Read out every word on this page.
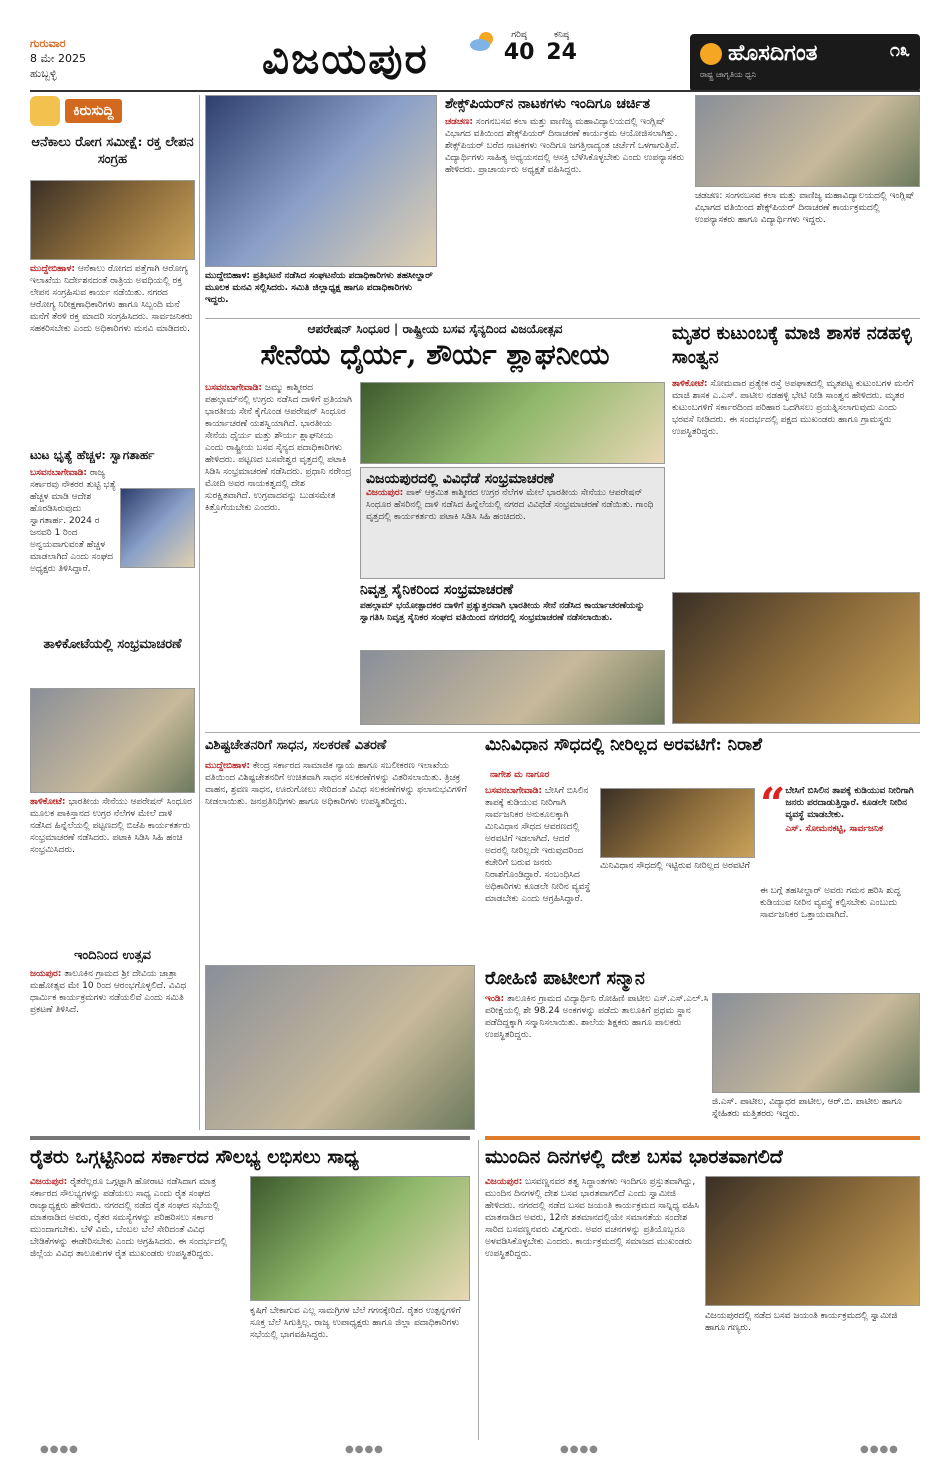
ಗುರುವಾರ
8 ಮೇ 2025
ಹುಬ್ಬಳ್ಳಿ	ವಿಜಯಪುರ
	ಗರಿಷ್ಠ
40
ಕನಿಷ್ಠ
24	ಹೊಸದಿಗಂತ	೧೩
ರಾಷ್ಟ್ರ ಜಾಗೃತಿಯ ಧ್ವನಿ
ಕಿರುಸುದ್ದಿ
ಆನೆಕಾಲು ರೋಗ ಸಮೀಕ್ಷೆ: ರಕ್ತ ಲೇಪನ ಸಂಗ್ರಹ
ಮುದ್ದೇಬಿಹಾಳ: ಆನೆಕಾಲು ರೋಗದ ಪತ್ತೆಗಾಗಿ ಆರೋಗ್ಯ ಇಲಾಖೆಯ ನಿರ್ದೇಶನದಂತೆ ರಾತ್ರಿಯ ಅವಧಿಯಲ್ಲಿ ರಕ್ತ ಲೇಪನ ಸಂಗ್ರಹಿಸುವ ಕಾರ್ಯ ನಡೆಯಿತು. ನಗರದ ಆರೋಗ್ಯ ನಿರೀಕ್ಷಣಾಧಿಕಾರಿಗಳು ಹಾಗೂ ಸಿಬ್ಬಂದಿ ಮನೆ ಮನೆಗೆ ತೆರಳಿ ರಕ್ತ ಮಾದರಿ ಸಂಗ್ರಹಿಸಿದರು. ಸಾರ್ವಜನಿಕರು ಸಹಕರಿಸಬೇಕು ಎಂದು ಅಧಿಕಾರಿಗಳು ಮನವಿ ಮಾಡಿದರು.
ಟುಟ ಭೃತ್ಯೆ ಹೆಚ್ಚಳ: ಸ್ವಾಗತಾರ್ಹ
ಬಸವನಬಾಗೇವಾಡಿ: ರಾಜ್ಯ ಸರ್ಕಾರವು ನೌಕರರ ತುಟ್ಟಿ ಭತ್ಯೆ ಹೆಚ್ಚಳ ಮಾಡಿ ಆದೇಶ ಹೊರಡಿಸಿರುವುದು ಸ್ವಾಗತಾರ್ಹ. 2024 ರ ಜನವರಿ 1 ರಿಂದ ಅನ್ವಯವಾಗುವಂತೆ ಹೆಚ್ಚಳ ಮಾಡಲಾಗಿದೆ ಎಂದು ಸಂಘದ ಅಧ್ಯಕ್ಷರು ತಿಳಿಸಿದ್ದಾರೆ.
ತಾಳಿಕೋಟೆಯಲ್ಲಿ ಸಂಭ್ರಮಾಚರಣೆ
ತಾಳಿಕೋಟೆ: ಭಾರತೀಯ ಸೇನೆಯು ಆಪರೇಷನ್ ಸಿಂಧೂರ ಮೂಲಕ ಪಾಕಿಸ್ತಾನದ ಉಗ್ರರ ನೆಲೆಗಳ ಮೇಲೆ ದಾಳಿ ನಡೆಸಿದ ಹಿನ್ನೆಲೆಯಲ್ಲಿ ಪಟ್ಟಣದಲ್ಲಿ ಬಿಜೆಪಿ ಕಾರ್ಯಕರ್ತರು ಸಂಭ್ರಮಾಚರಣೆ ನಡೆಸಿದರು. ಪಟಾಕಿ ಸಿಡಿಸಿ ಸಿಹಿ ಹಂಚಿ ಸಂಭ್ರಮಿಸಿದರು.
ಇಂದಿನಿಂದ ಉತ್ಸವ
ಜಯಪುರ: ತಾಲೂಕಿನ ಗ್ರಾಮದ ಶ್ರೀ ದೇವಿಯ ಜಾತ್ರಾ ಮಹೋತ್ಸವ ಮೇ 10 ರಿಂದ ಆರಂಭಗೊಳ್ಳಲಿದೆ. ವಿವಿಧ ಧಾರ್ಮಿಕ ಕಾರ್ಯಕ್ರಮಗಳು ನಡೆಯಲಿವೆ ಎಂದು ಸಮಿತಿ ಪ್ರಕಟಣೆ ತಿಳಿಸಿದೆ.
ಮುದ್ದೇಬಿಹಾಳ: ಪ್ರತಿಭಟನೆ ನಡೆಸಿದ ಸಂಘಟನೆಯ ಪದಾಧಿಕಾರಿಗಳು ತಹಸೀಲ್ದಾರ್ ಮೂಲಕ ಮನವಿ ಸಲ್ಲಿಸಿದರು. ಸಮಿತಿ ಜಿಲ್ಲಾಧ್ಯಕ್ಷ ಹಾಗೂ ಪದಾಧಿಕಾರಿಗಳು ಇದ್ದರು.
ಶೇಕ್ಸ್‌ಪಿಯರ್‌ನ ನಾಟಕಗಳು ಇಂದಿಗೂ ಚರ್ಚಿತ
ಚಡಚಣ: ಸಂಗನಬಸವ ಕಲಾ ಮತ್ತು ವಾಣಿಜ್ಯ ಮಹಾವಿದ್ಯಾಲಯದಲ್ಲಿ ಇಂಗ್ಲಿಷ್ ವಿಭಾಗದ ವತಿಯಿಂದ ಶೇಕ್ಸ್‌ಪಿಯರ್ ದಿನಾಚರಣೆ ಕಾರ್ಯಕ್ರಮ ಆಯೋಜಿಸಲಾಗಿತ್ತು. ಶೇಕ್ಸ್‌ಪಿಯರ್ ಬರೆದ ನಾಟಕಗಳು ಇಂದಿಗೂ ಜಗತ್ತಿನಾದ್ಯಂತ ಚರ್ಚೆಗೆ ಒಳಗಾಗುತ್ತಿವೆ. ವಿದ್ಯಾರ್ಥಿಗಳು ಸಾಹಿತ್ಯ ಅಧ್ಯಯನದಲ್ಲಿ ಆಸಕ್ತಿ ಬೆಳೆಸಿಕೊಳ್ಳಬೇಕು ಎಂದು ಉಪನ್ಯಾಸಕರು ಹೇಳಿದರು. ಪ್ರಾಚಾರ್ಯರು ಅಧ್ಯಕ್ಷತೆ ವಹಿಸಿದ್ದರು.
ಚಡಚಣ: ಸಂಗನಬಸವ ಕಲಾ ಮತ್ತು ವಾಣಿಜ್ಯ ಮಹಾವಿದ್ಯಾಲಯದಲ್ಲಿ ಇಂಗ್ಲಿಷ್ ವಿಭಾಗದ ವತಿಯಿಂದ ಶೇಕ್ಸ್‌ಪಿಯರ್ ದಿನಾಚರಣೆ ಕಾರ್ಯಕ್ರಮದಲ್ಲಿ ಉಪನ್ಯಾಸಕರು ಹಾಗೂ ವಿದ್ಯಾರ್ಥಿಗಳು ಇದ್ದರು.
ಆಪರೇಷನ್ ಸಿಂಧೂರ | ರಾಷ್ಟ್ರೀಯ ಬಸವ ಸೈನ್ಯದಿಂದ ವಿಜಯೋತ್ಸವ
ಸೇನೆಯ ಧೈರ್ಯ, ಶೌರ್ಯ ಶ್ಲಾಘನೀಯ
ಬಸವನಬಾಗೇವಾಡಿ: ಜಮ್ಮು ಕಾಶ್ಮೀರದ ಪಹಲ್ಗಾಮ್‌ನಲ್ಲಿ ಉಗ್ರರು ನಡೆಸಿದ ದಾಳಿಗೆ ಪ್ರತಿಯಾಗಿ ಭಾರತೀಯ ಸೇನೆ ಕೈಗೊಂಡ ಆಪರೇಷನ್ ಸಿಂಧೂರ ಕಾರ್ಯಾಚರಣೆ ಯಶಸ್ವಿಯಾಗಿದೆ. ಭಾರತೀಯ ಸೇನೆಯ ಧೈರ್ಯ ಮತ್ತು ಶೌರ್ಯ ಶ್ಲಾಘನೀಯ ಎಂದು ರಾಷ್ಟ್ರೀಯ ಬಸವ ಸೈನ್ಯದ ಪದಾಧಿಕಾರಿಗಳು ಹೇಳಿದರು. ಪಟ್ಟಣದ ಬಸವೇಶ್ವರ ವೃತ್ತದಲ್ಲಿ ಪಟಾಕಿ ಸಿಡಿಸಿ ಸಂಭ್ರಮಾಚರಣೆ ನಡೆಸಿದರು. ಪ್ರಧಾನಿ ನರೇಂದ್ರ ಮೋದಿ ಅವರ ನಾಯಕತ್ವದಲ್ಲಿ ದೇಶ ಸುರಕ್ಷಿತವಾಗಿದೆ. ಉಗ್ರವಾದವನ್ನು ಬುಡಸಮೇತ ಕಿತ್ತೊಗೆಯಬೇಕು ಎಂದರು.
ವಿಜಯಪುರದಲ್ಲಿ ವಿವಿಧೆಡೆ ಸಂಭ್ರಮಾಚರಣೆ
ವಿಜಯಪುರ: ಪಾಕ್ ಆಕ್ರಮಿತ ಕಾಶ್ಮೀರದ ಉಗ್ರರ ನೆಲೆಗಳ ಮೇಲೆ ಭಾರತೀಯ ಸೇನೆಯು ಆಪರೇಷನ್ ಸಿಂಧೂರ ಹೆಸರಿನಲ್ಲಿ ದಾಳಿ ನಡೆಸಿದ ಹಿನ್ನೆಲೆಯಲ್ಲಿ ನಗರದ ವಿವಿಧೆಡೆ ಸಂಭ್ರಮಾಚರಣೆ ನಡೆಯಿತು. ಗಾಂಧಿ ವೃತ್ತದಲ್ಲಿ ಕಾರ್ಯಕರ್ತರು ಪಟಾಕಿ ಸಿಡಿಸಿ ಸಿಹಿ ಹಂಚಿದರು.
ನಿವೃತ್ತ ಸೈನಿಕರಿಂದ ಸಂಭ್ರಮಾಚರಣೆ
ಪಹಲ್ಗಾಮ್ ಭಯೋತ್ಪಾದಕರ ದಾಳಿಗೆ ಪ್ರತ್ಯುತ್ತರವಾಗಿ ಭಾರತೀಯ ಸೇನೆ ನಡೆಸಿದ ಕಾರ್ಯಾಚರಣೆಯನ್ನು ಸ್ವಾಗತಿಸಿ ನಿವೃತ್ತ ಸೈನಿಕರ ಸಂಘದ ವತಿಯಿಂದ ನಗರದಲ್ಲಿ ಸಂಭ್ರಮಾಚರಣೆ ನಡೆಸಲಾಯಿತು.
ಮೃತರ ಕುಟುಂಬಕ್ಕೆ ಮಾಜಿ ಶಾಸಕ ನಡಹಳ್ಳಿ ಸಾಂತ್ವನ
ತಾಳಿಕೋಟೆ: ಸೋಮವಾರ ಪ್ರತ್ಯೇಕ ರಸ್ತೆ ಅಪಘಾತದಲ್ಲಿ ಮೃತಪಟ್ಟ ಕುಟುಂಬಗಳ ಮನೆಗೆ ಮಾಜಿ ಶಾಸಕ ಎ.ಎಸ್. ಪಾಟೀಲ ನಡಹಳ್ಳಿ ಭೇಟಿ ನೀಡಿ ಸಾಂತ್ವನ ಹೇಳಿದರು. ಮೃತರ ಕುಟುಂಬಗಳಿಗೆ ಸರ್ಕಾರದಿಂದ ಪರಿಹಾರ ಒದಗಿಸಲು ಪ್ರಯತ್ನಿಸಲಾಗುವುದು ಎಂದು ಭರವಸೆ ನೀಡಿದರು. ಈ ಸಂದರ್ಭದಲ್ಲಿ ಪಕ್ಷದ ಮುಖಂಡರು ಹಾಗೂ ಗ್ರಾಮಸ್ಥರು ಉಪಸ್ಥಿತರಿದ್ದರು.
ವಿಶಿಷ್ಟಚೇತನರಿಗೆ ಸಾಧನ, ಸಲಕರಣೆ ವಿತರಣೆ
ಮುದ್ದೇಬಿಹಾಳ: ಕೇಂದ್ರ ಸರ್ಕಾರದ ಸಾಮಾಜಿಕ ನ್ಯಾಯ ಹಾಗೂ ಸಬಲೀಕರಣ ಇಲಾಖೆಯ ವತಿಯಿಂದ ವಿಶಿಷ್ಟಚೇತನರಿಗೆ ಉಚಿತವಾಗಿ ಸಾಧನ ಸಲಕರಣೆಗಳನ್ನು ವಿತರಿಸಲಾಯಿತು. ತ್ರಿಚಕ್ರ ವಾಹನ, ಶ್ರವಣ ಸಾಧನ, ಊರುಗೋಲು ಸೇರಿದಂತೆ ವಿವಿಧ ಸಲಕರಣೆಗಳನ್ನು ಫಲಾನುಭವಿಗಳಿಗೆ ನೀಡಲಾಯಿತು. ಜನಪ್ರತಿನಿಧಿಗಳು ಹಾಗೂ ಅಧಿಕಾರಿಗಳು ಉಪಸ್ಥಿತರಿದ್ದರು.
ಮಿನಿವಿಧಾನ ಸೌಧದಲ್ಲಿ ನೀರಿಲ್ಲದ ಅರವಟಿಗೆ: ನಿರಾಶೆ
ನಾಗೇಶ ಮ ನಾಗೂರ
ಬಸವನಬಾಗೇವಾಡಿ: ಬೇಸಿಗೆ ಬಿಸಿಲಿನ ತಾಪಕ್ಕೆ ಕುಡಿಯುವ ನೀರಿಗಾಗಿ ಸಾರ್ವಜನಿಕರ ಅನುಕೂಲಕ್ಕಾಗಿ ಮಿನಿವಿಧಾನ ಸೌಧದ ಆವರಣದಲ್ಲಿ ಅರವಟಿಗೆ ಇಡಲಾಗಿದೆ. ಆದರೆ ಅದರಲ್ಲಿ ನೀರಿಲ್ಲದೇ ಇರುವುದರಿಂದ ಕಚೇರಿಗೆ ಬರುವ ಜನರು ನಿರಾಶೆಗೊಂಡಿದ್ದಾರೆ. ಸಂಬಂಧಿಸಿದ ಅಧಿಕಾರಿಗಳು ಕೂಡಲೇ ನೀರಿನ ವ್ಯವಸ್ಥೆ ಮಾಡಬೇಕು ಎಂದು ಆಗ್ರಹಿಸಿದ್ದಾರೆ.
ಮಿನಿವಿಧಾನ ಸೌಧದಲ್ಲಿ ಇಟ್ಟಿರುವ ನೀರಿಲ್ಲದ ಅರವಟಿಗೆ
“ ಬೇಸಿಗೆ ಬಿಸಿಲಿನ ತಾಪಕ್ಕೆ ಕುಡಿಯುವ ನೀರಿಗಾಗಿ ಜನರು ಪರದಾಡುತ್ತಿದ್ದಾರೆ. ಕೂಡಲೇ ನೀರಿನ ವ್ಯವಸ್ಥೆ ಮಾಡಬೇಕು.
ಎಸ್. ಸೋಮನಕಟ್ಟಿ, ಸಾರ್ವಜನಿಕ
ಈ ಬಗ್ಗೆ ತಹಸೀಲ್ದಾರ್ ಅವರು ಗಮನ ಹರಿಸಿ ಶುದ್ಧ ಕುಡಿಯುವ ನೀರಿನ ವ್ಯವಸ್ಥೆ ಕಲ್ಪಿಸಬೇಕು ಎಂಬುದು ಸಾರ್ವಜನಿಕರ ಒತ್ತಾಯವಾಗಿದೆ.
ರೋಹಿಣಿ ಪಾಟೀಲಗೆ ಸನ್ಮಾನ
ಇಂಡಿ: ತಾಲೂಕಿನ ಗ್ರಾಮದ ವಿದ್ಯಾರ್ಥಿನಿ ರೋಹಿಣಿ ಪಾಟೀಲ ಎಸ್.ಎಸ್.ಎಲ್.ಸಿ ಪರೀಕ್ಷೆಯಲ್ಲಿ ಶೇ 98.24 ಅಂಕಗಳನ್ನು ಪಡೆದು ತಾಲೂಕಿಗೆ ಪ್ರಥಮ ಸ್ಥಾನ ಪಡೆದಿದ್ದಕ್ಕಾಗಿ ಸನ್ಮಾನಿಸಲಾಯಿತು. ಶಾಲೆಯ ಶಿಕ್ಷಕರು ಹಾಗೂ ಪಾಲಕರು ಉಪಸ್ಥಿತರಿದ್ದರು.
ಜಿ.ಎಸ್. ಪಾಟೀಲ, ವಿದ್ಯಾಧರ ಪಾಟೀಲ, ಆರ್.ಬಿ. ಪಾಟೀಲ ಹಾಗೂ ಸ್ನೇಹಿತರು ಮತ್ತಿತರರು ಇದ್ದರು.
ರೈತರು ಒಗ್ಗಟ್ಟಿನಿಂದ ಸರ್ಕಾರದ ಸೌಲಭ್ಯ ಲಭಿಸಲು ಸಾಧ್ಯ
ವಿಜಯಪುರ: ರೈತರೆಲ್ಲರೂ ಒಗ್ಗಟ್ಟಾಗಿ ಹೋರಾಟ ನಡೆಸಿದಾಗ ಮಾತ್ರ ಸರ್ಕಾರದ ಸೌಲಭ್ಯಗಳನ್ನು ಪಡೆಯಲು ಸಾಧ್ಯ ಎಂದು ರೈತ ಸಂಘದ ರಾಜ್ಯಾಧ್ಯಕ್ಷರು ಹೇಳಿದರು. ನಗರದಲ್ಲಿ ನಡೆದ ರೈತ ಸಂಘದ ಸಭೆಯಲ್ಲಿ ಮಾತನಾಡಿದ ಅವರು, ರೈತರ ಸಮಸ್ಯೆಗಳನ್ನು ಪರಿಹರಿಸಲು ಸರ್ಕಾರ ಮುಂದಾಗಬೇಕು. ಬೆಳೆ ವಿಮೆ, ಬೆಂಬಲ ಬೆಲೆ ಸೇರಿದಂತೆ ವಿವಿಧ ಬೇಡಿಕೆಗಳನ್ನು ಈಡೇರಿಸಬೇಕು ಎಂದು ಆಗ್ರಹಿಸಿದರು. ಈ ಸಂದರ್ಭದಲ್ಲಿ ಜಿಲ್ಲೆಯ ವಿವಿಧ ತಾಲೂಕುಗಳ ರೈತ ಮುಖಂಡರು ಉಪಸ್ಥಿತರಿದ್ದರು.
ಕೃಷಿಗೆ ಬೇಕಾಗುವ ಎಲ್ಲ ಸಾಮಗ್ರಿಗಳ ಬೆಲೆ ಗಗನಕ್ಕೇರಿದೆ. ರೈತರ ಉತ್ಪನ್ನಗಳಿಗೆ ಸೂಕ್ತ ಬೆಲೆ ಸಿಗುತ್ತಿಲ್ಲ. ರಾಜ್ಯ ಉಪಾಧ್ಯಕ್ಷರು ಹಾಗೂ ಜಿಲ್ಲಾ ಪದಾಧಿಕಾರಿಗಳು ಸಭೆಯಲ್ಲಿ ಭಾಗವಹಿಸಿದ್ದರು.
ಮುಂದಿನ ದಿನಗಳಲ್ಲಿ ದೇಶ ಬಸವ ಭಾರತವಾಗಲಿದೆ
ವಿಜಯಪುರ: ಬಸವಣ್ಣನವರ ತತ್ವ ಸಿದ್ಧಾಂತಗಳು ಇಂದಿಗೂ ಪ್ರಸ್ತುತವಾಗಿದ್ದು, ಮುಂದಿನ ದಿನಗಳಲ್ಲಿ ದೇಶ ಬಸವ ಭಾರತವಾಗಲಿದೆ ಎಂದು ಸ್ವಾಮೀಜಿ ಹೇಳಿದರು. ನಗರದಲ್ಲಿ ನಡೆದ ಬಸವ ಜಯಂತಿ ಕಾರ್ಯಕ್ರಮದ ಸಾನ್ನಿಧ್ಯ ವಹಿಸಿ ಮಾತನಾಡಿದ ಅವರು, 12ನೇ ಶತಮಾನದಲ್ಲಿಯೇ ಸಮಾನತೆಯ ಸಂದೇಶ ಸಾರಿದ ಬಸವಣ್ಣನವರು ವಿಶ್ವಗುರು. ಅವರ ವಚನಗಳನ್ನು ಪ್ರತಿಯೊಬ್ಬರೂ ಅಳವಡಿಸಿಕೊಳ್ಳಬೇಕು ಎಂದರು. ಕಾರ್ಯಕ್ರಮದಲ್ಲಿ ಸಮಾಜದ ಮುಖಂಡರು ಉಪಸ್ಥಿತರಿದ್ದರು.
ವಿಜಯಪುರದಲ್ಲಿ ನಡೆದ ಬಸವ ಜಯಂತಿ ಕಾರ್ಯಕ್ರಮದಲ್ಲಿ ಸ್ವಾಮೀಜಿ ಹಾಗೂ ಗಣ್ಯರು.
●●●●	●●●●	●●●●	●●●●
